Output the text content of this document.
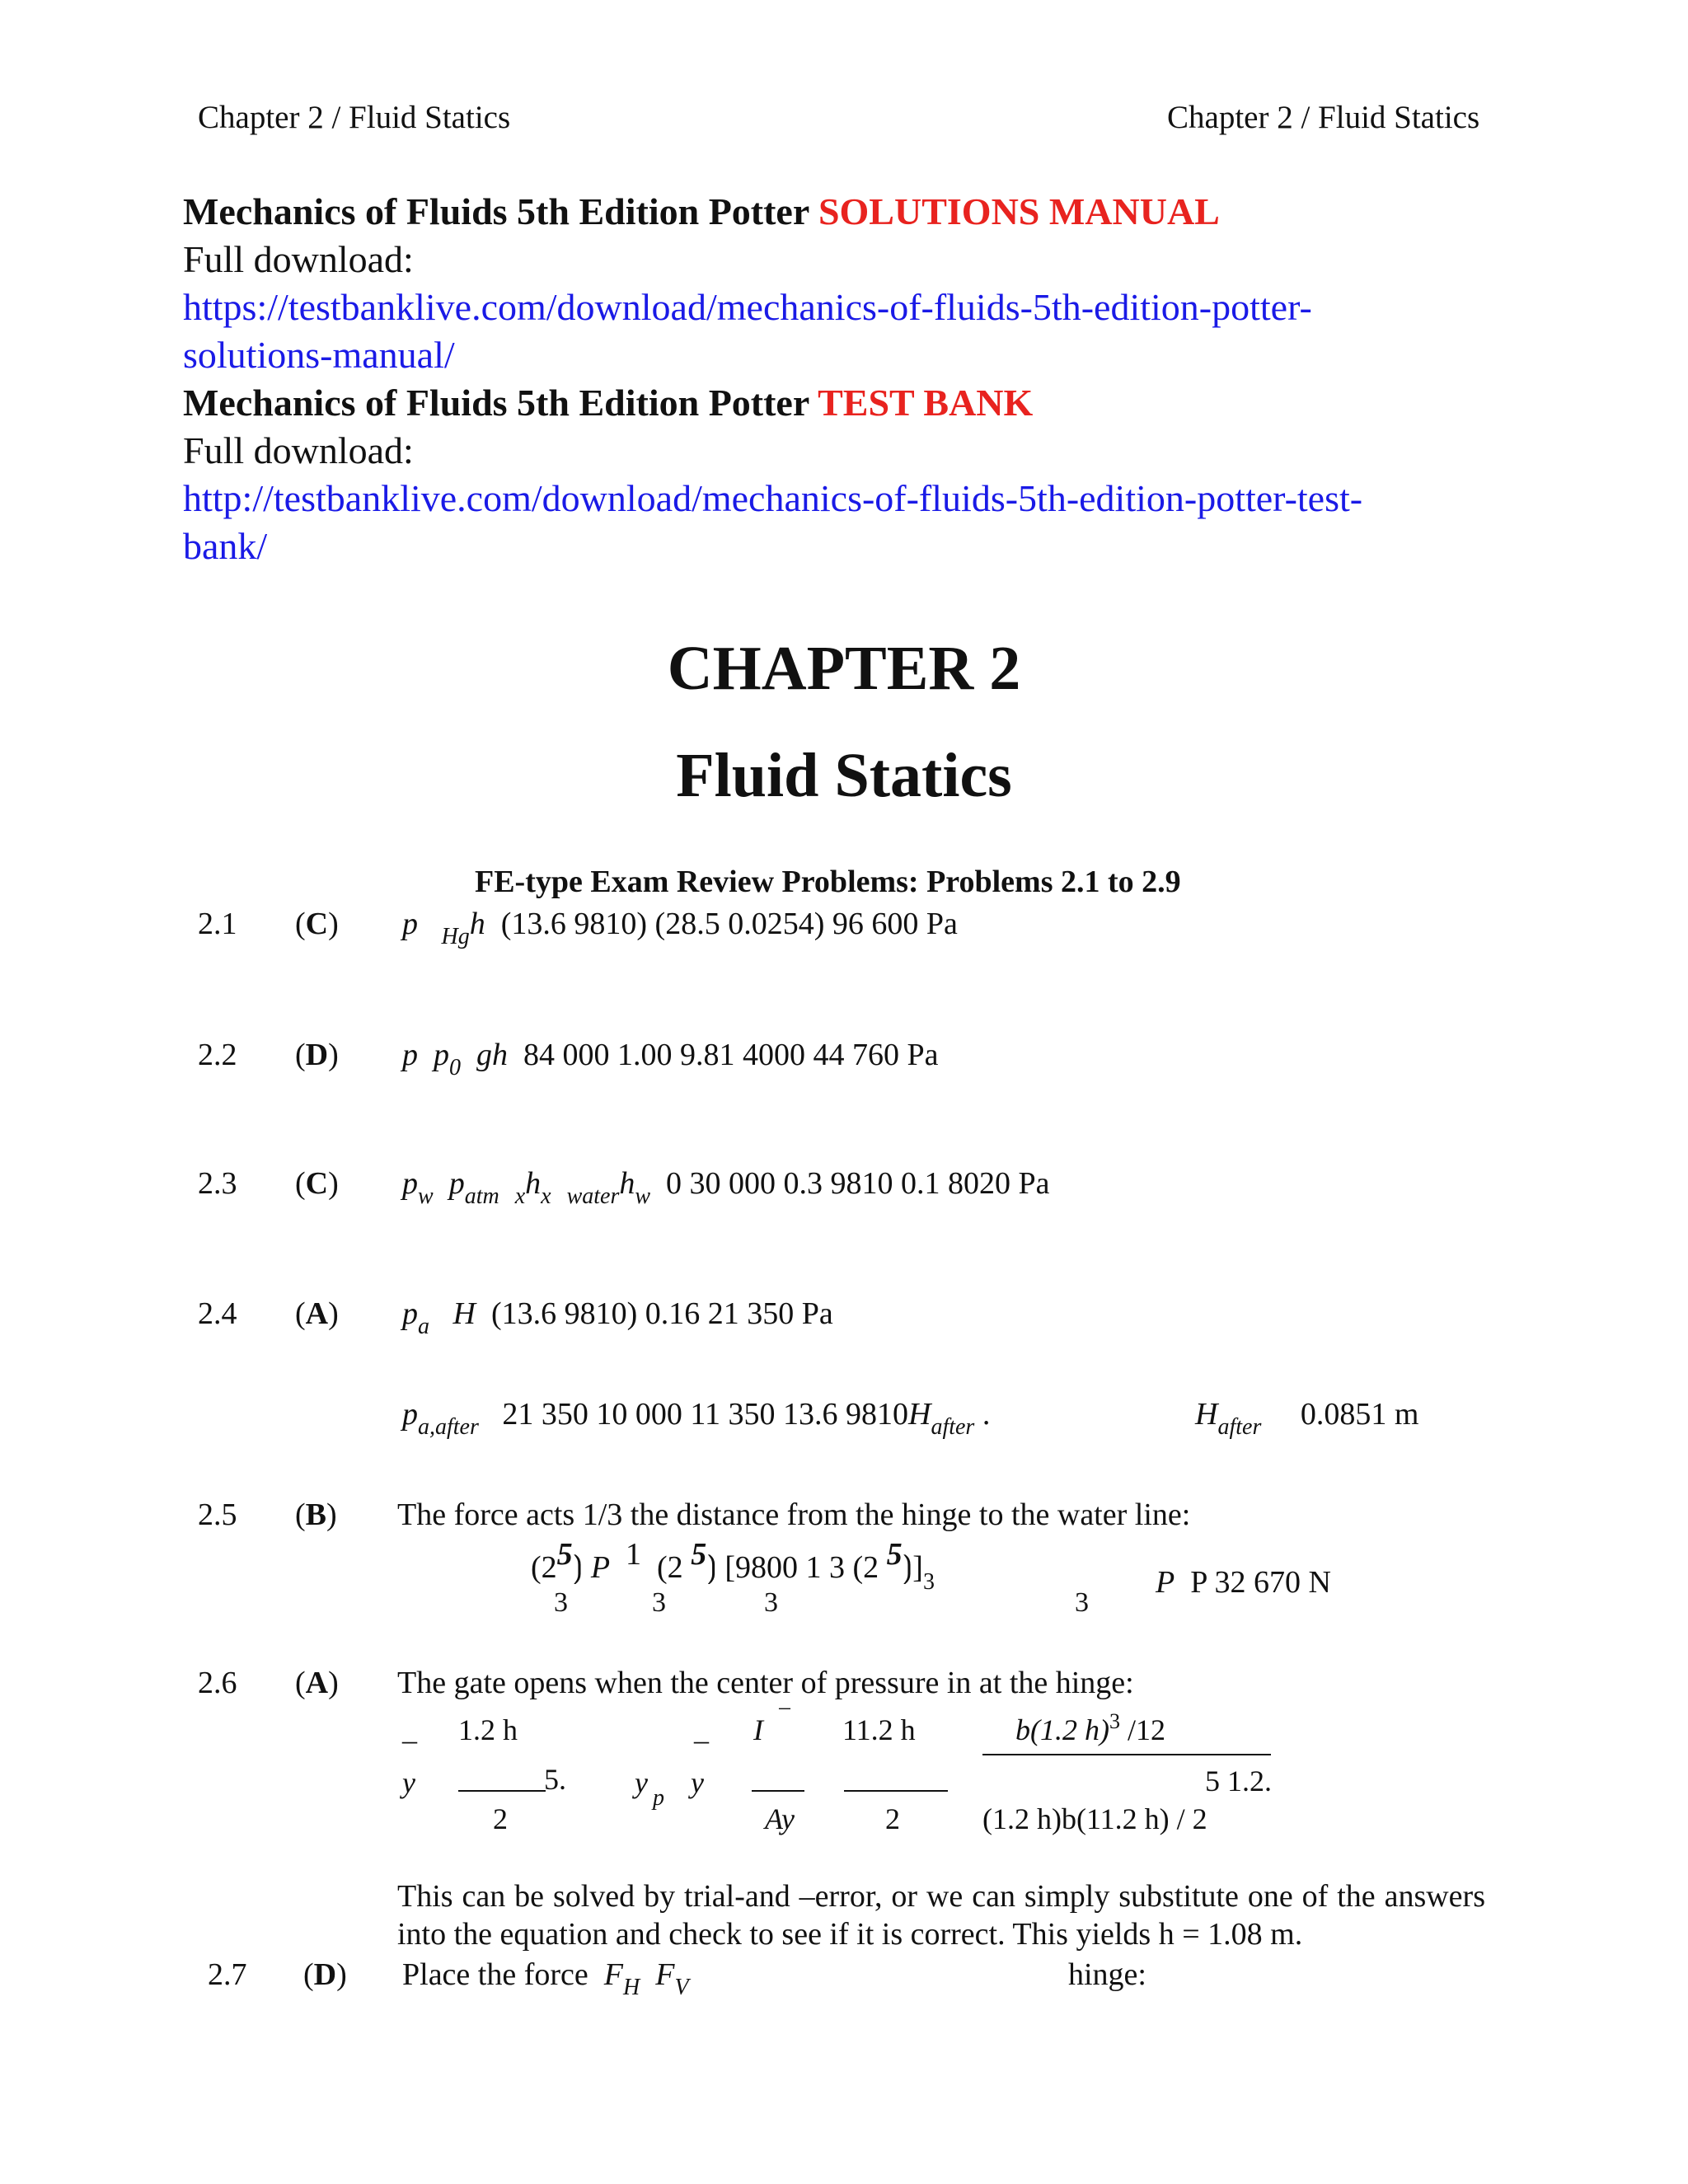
Chapter 2 / Fluid Statics	Chapter 2 / Fluid Statics
Mechanics of Fluids 5th Edition Potter SOLUTIONS MANUAL
Full download:
https://testbanklive.com/download/mechanics-of-fluids-5th-edition-potter-
solutions-manual/
Mechanics of Fluids 5th Edition Potter TEST BANK
Full download:
http://testbanklive.com/download/mechanics-of-fluids-5th-edition-potter-test-
bank/
CHAPTER 2
Fluid Statics
FE-type Exam Review Problems: Problems 2.1 to 2.9
2.1 (C) p $_{Hg}$h (13.6 9810) (28.5 0.0254) 96 600 Pa
2.2 (D) p $p_0$ gh 84 000 1.00 9.81 4000 44 760 Pa
2.3 (C) $p_w$ $p_{atm}$ $_xh_x$ $_{water}h_w$ 0 30 000 0.3 9810 0.1 8020 Pa
2.4 (A) $p_a$ H (13.6 9810) 0.16 21 350 Pa
$p_{a,after}$ 21 350 10 000 11 350 13.6 $9810H_{after}$ .	$H_{after}$ 0.0851 m
2.5 (B) The force acts 1/3 the distance from the hinge to the water line:
(25⟯ P 1  (2 5⟯ [9800 1 3 (2 $5⟯]_3$
3            3              3	3
P P 32 670 N
2.6 (A) The gate opens when the center of pressure in at the hinge:
_ 1.2 h
y	5.
2
_
y p y
I ‾
Ay
11.2 h
2
b(1.2 h)$^3$ /12
5 1.2.
(1.2 h)b(11.2 h) / 2
This can be solved by trial-and –error, or we can simply substitute one of the answers into the equation and check to see if it is correct. This yields h = 1.08 m.
2.7 (D) Place the force $F_H$ $F_V$	hinge:
